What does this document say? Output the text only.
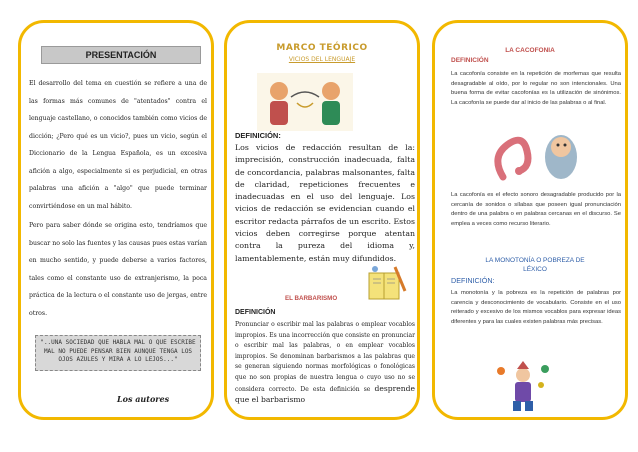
PRESENTACIÓN
El desarrollo del tema en cuestión se refiere a una de las formas más comunes de "atentados" contra el lenguaje castellano, o conocidos también como vicios de dicción; ¿Pero qué es un vicio?, pues un vicio, según el Diccionario de la Lengua Española, es un excesiva afición a algo, especialmente si es perjudicial, en otras palabras una afición a "algo" que puede terminar convirtiéndose en un mal hábito.
Pero para saber dónde se origina esto, tendríamos que buscar no solo las fuentes y las causas pues estas varían en mucho sentido, y puede deberse a varios factores, tales como el constante uso de extranjerismo, la poca práctica de la lectura o el constante uso de jergas, entre otros.
"..UNA SOCIEDAD QUE HABLA MAL O QUE ESCRIBE MAL NO PUEDE PENSAR BIEN AUNQUE TENGA LOS OJOS AZULES Y MIRA A LO LEJOS..."
Los autores
MARCO TEÓRICO
VICIOS DEL LENGUAJE
DEFINICIÓN:
Los vicios de redacción resultan de la: imprecisión, construcción inadecuada, falta de concordancia, palabras malsonantes, falta de claridad, repeticiones frecuentes e inadecuadas en el uso del lenguaje. Los vicios de redacción se evidencian cuando el escritor redacta párrafos de un escrito. Estos vicios deben corregirse porque atentan contra la pureza del idioma y, lamentablemente, están muy difundidos.
EL BARBARISMO
DEFINICIÓN
Pronunciar o escribir mal las palabras o emplear vocablos impropios. Es una incorrección que consiste en pronunciar o escribir mal las palabras, o en emplear vocablos impropios. Se denominan barbarismos a las palabras que se generan siguiendo normas morfológicas o fonológicas que no son propias de nuestra lengua o cuyo uso no se considera correcto. De esta definición se desprende que el barbarismo
LA CACOFONIA
DEFINICIÓN
La cacofonía consiste en la repetición de morfemas que resulta desagradable al oído, por lo regular no son intencionales. Una buena forma de evitar cacofonías es la utilización de sinónimos. La cacofonía se puede dar al inicio de las palabras o al final.
La cacofonía es el efecto sonoro desagradable producido por la cercanía de sonidos o sílabas que poseen igual pronunciación dentro de una palabra o en palabras cercanas en el discurso. Se emplea a veces como recurso literario.
LA MONOTONÍA O POBREZA DE LÉXICO
DEFINICIÓN:
La monotonía y la pobreza es la repetición de palabras por carencia y desconocimiento de vocabulario. Consiste en el uso reiterado y excesivo de los mismos vocablos para expresar ideas diferentes y para las cuales existen palabras más precisas.
